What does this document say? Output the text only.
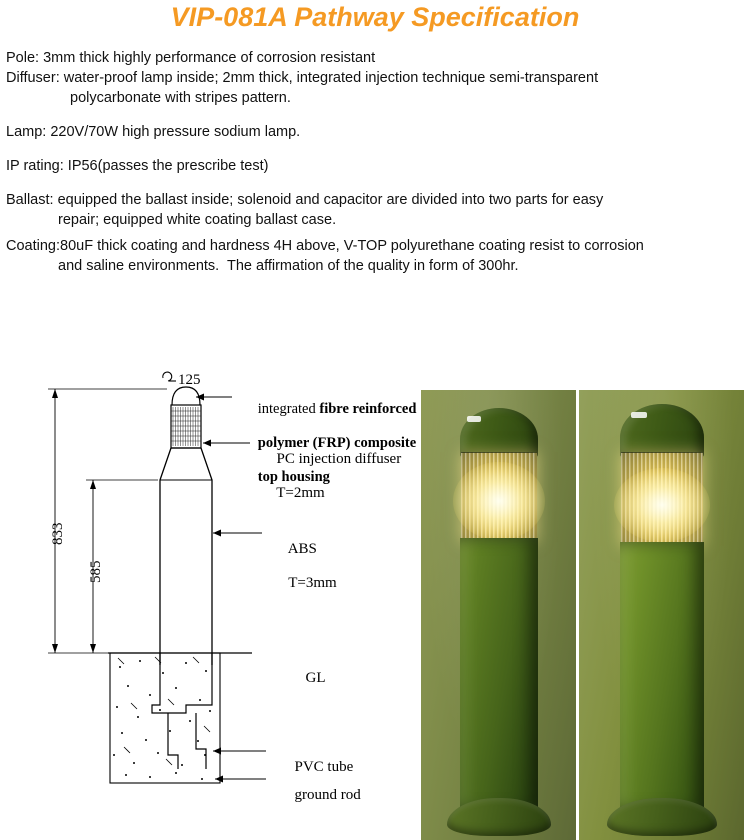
VIP-081A Pathway Specification
Pole: 3mm thick highly performance of corrosion resistant
Diffuser: water-proof lamp inside; 2mm thick, integrated injection technique semi-transparent
polycarbonate with stripes pattern.
Lamp: 220V/70W high pressure sodium lamp.
IP rating: IP56(passes the prescribe test)
Ballast: equipped the ballast inside; solenoid and capacitor are divided into two parts for easy
repair; equipped white coating ballast case.
Coating:80uF thick coating and hardness 4H above, V-TOP polyurethane coating resist to corrosion
and saline environments.  The affirmation of the quality in form of 300hr.
125
833
585

integrated fibre reinforced

polymer (FRP) composite

top housing

PC injection diffuser

T=2mm

ABS

T=3mm

GL

PVC tube

ground rod
